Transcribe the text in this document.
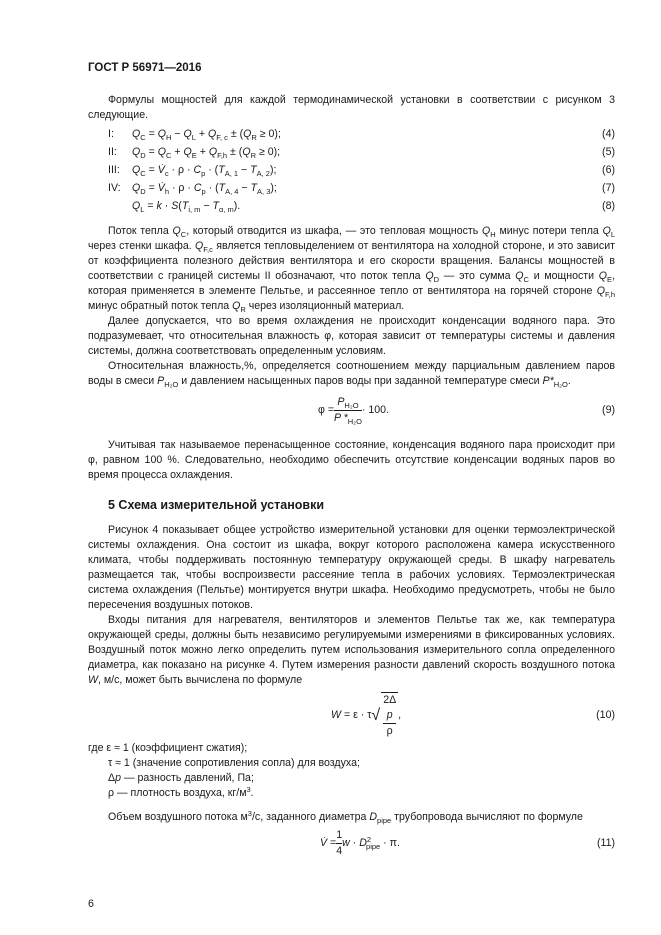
ГОСТ Р 56971—2016

Формулы мощностей для каждой термодинамической установки в соответствии с рисунком 3 следующие.

I: $Q_C = Q_H - Q_L + Q_{F, c} \pm (Q_R \ge 0)$;	(4)
II: $Q_D = Q_C + Q_E + Q_{F,h} \pm (Q_R \ge 0)$;	(5)
III: $Q_C$ = $V̇_c \cdot \rho \cdot C_p \cdot (T_{A, 1} - T_{A, 2})$;	(6)
IV: $Q_D$ = $V̇_h \cdot \rho \cdot C_p \cdot (T_{A, 4} - T_{A, 3})$;	(7)
$Q_L = k \cdot S(T_{i, m} - T_{\alpha, m})$.	(8)

Поток тепла $Q_C$, который отводится из шкафа, — это тепловая мощность $Q_H$ минус потери тепла $Q_L$ через стенки шкафа. $Q_{F,c}$ является тепловыделением от вентилятора на холодной стороне, и это зависит от коэффициента полезного действия вентилятора и его скорости вращения. Балансы мощностей в соответствии с границей системы II обозначают, что поток тепла $Q_D$ — это сумма $Q_C$ и мощности $Q_E$, которая применяется в элементе Пельтье, и рассеянное тепло от вентилятора на горячей стороне $Q_{F,h}$ минус обратный поток тепла $Q_R$ через изоляционный материал.

Далее допускается, что во время охлаждения не происходит конденсации водяного пара. Это подразумевает, что относительная влажность φ, которая зависит от температуры системы и давления системы, должна соответствовать определенным условиям.

Относительная влажность,%, определяется соотношением между парциальным давлением паров воды в смеси $P_{H_2O}$ и давлением насыщенных паров воды при заданной температуре смеси $P*_{H_2O}$.

$\varphi = \frac{P_{H_2O}}{P *_{H_2O}} \cdot 100$.	(9)

Учитывая так называемое перенасыщенное состояние, конденсация водяного пара происходит при φ, равном 100 %. Следовательно, необходимо обеспечить отсутствие конденсации водяных паров во время процесса охлаждения.

5 Схема измерительной установки

Рисунок 4 показывает общее устройство измерительной установки для оценки термоэлектрической системы охлаждения. Она состоит из шкафа, вокруг которого расположена камера искусственного климата, чтобы поддерживать постоянную температуру окружающей среды. В шкафу нагреватель размещается так, чтобы воспроизвести рассеяние тепла в рабочих условиях. Термоэлектрическая система охлаждения (Пельтье) монтируется внутри шкафа. Необходимо предусмотреть, чтобы не было пересечения воздушных потоков.

Входы питания для нагревателя, вентиляторов и элементов Пельтье так же, как температура окружающей среды, должны быть независимо регулируемыми измерениями в фиксированных условиях. Воздушный поток можно легко определить путем использования измерительного сопла определенного диаметра, как показано на рисунке 4. Путем измерения разности давлений скорость воздушного потока W, м/с, может быть вычислена по формуле

W = ε · τ √ 2Δ
p
ρ ,	(10)
где ε ≈ 1 (коэффициент сжатия);
τ ≈ 1 (значение сопротивления сопла) для воздуха;
Δp — разность давлений, Па;
ρ — плотность воздуха, $кг/м^3$.

Объем воздушного потока $м^3/с$, заданного диаметра $D_{pipe}$ трубопровода вычисляют по формуле

V̇ = $\frac{1}{4}$ $w \cdot D^2_{pipe} \cdot \pi$.	(11)
6
